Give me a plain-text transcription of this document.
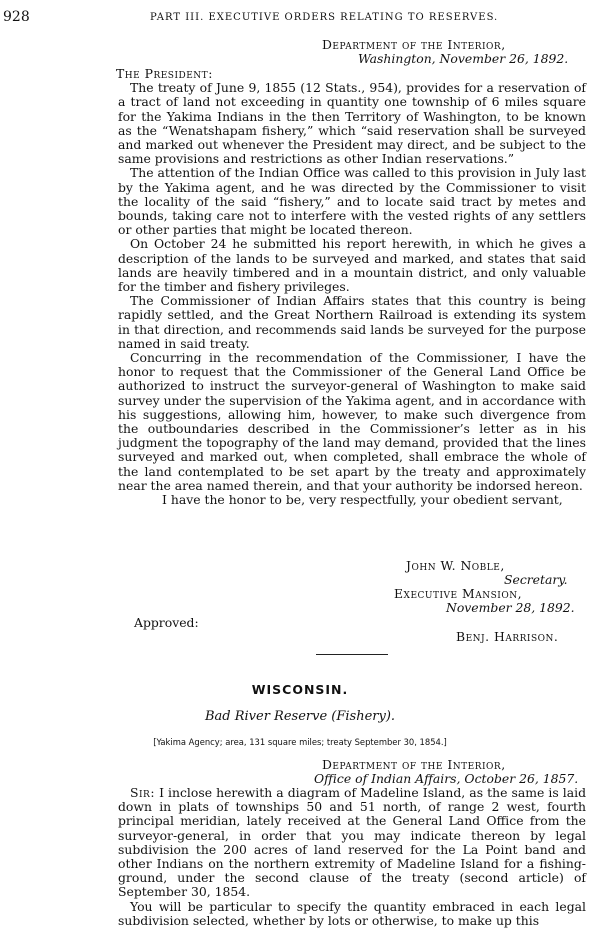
928	PART III. EXECUTIVE ORDERS RELATING TO RESERVES.
Department of the Interior,
Washington, November 26, 1892.
The President:

The treaty of June 9, 1855 (12 Stats., 954), provides for a reservation of a tract of land not exceeding in quantity one township of 6 miles square for the Yakima Indians in the then Territory of Washington, to be known as the “Wenatshapam fishery,” which “said reservation shall be surveyed and marked out whenever the President may direct, and be subject to the same provisions and restrictions as other Indian reservations.”

The attention of the Indian Office was called to this provision in July last by the Yakima agent, and he was directed by the Commissioner to visit the locality of the said “fishery,” and to locate said tract by metes and bounds, taking care not to interfere with the vested rights of any settlers or other parties that might be located thereon.

On October 24 he submitted his report herewith, in which he gives a description of the lands to be surveyed and marked, and states that said lands are heavily timbered and in a mountain district, and only valuable for the timber and fishery privileges.

The Commissioner of Indian Affairs states that this country is being rapidly settled, and the Great Northern Railroad is extending its system in that direction, and recommends said lands be surveyed for the purpose named in said treaty.

Concurring in the recommendation of the Commissioner, I have the honor to request that the Commissioner of the General Land Office be authorized to instruct the surveyor-general of Washington to make said survey under the supervision of the Yakima agent, and in accordance with his suggestions, allowing him, however, to make such divergence from the outboundaries described in the Commissioner’s letter as in his judgment the topography of the land may demand, provided that the lines surveyed and marked out, when completed, shall embrace the whole of the land contemplated to be set apart by the treaty and approximately near the area named therein, and that your authority be indorsed hereon.

I have the honor to be, very respectfully, your obedient servant,

John W. Noble,
Secretary.
Executive Mansion,
November 28, 1892.
Approved:
Benj. Harrison.
WISCONSIN.
Bad River Reserve (Fishery).
[Yakima Agency; area, 131 square miles; treaty September 30, 1854.]
Department of the Interior,
Office of Indian Affairs, October 26, 1857.

Sir: I inclose herewith a diagram of Madeline Island, as the same is laid down in plats of townships 50 and 51 north, of range 2 west, fourth principal meridian, lately received at the General Land Office from the surveyor-general, in order that you may indicate thereon by legal subdivision the 200 acres of land reserved for the La Point band and other Indians on the northern extremity of Madeline Island for a fishing-ground, under the second clause of the treaty (second article) of September 30, 1854.

You will be particular to specify the quantity embraced in each legal subdivision selected, whether by lots or otherwise, to make up this
